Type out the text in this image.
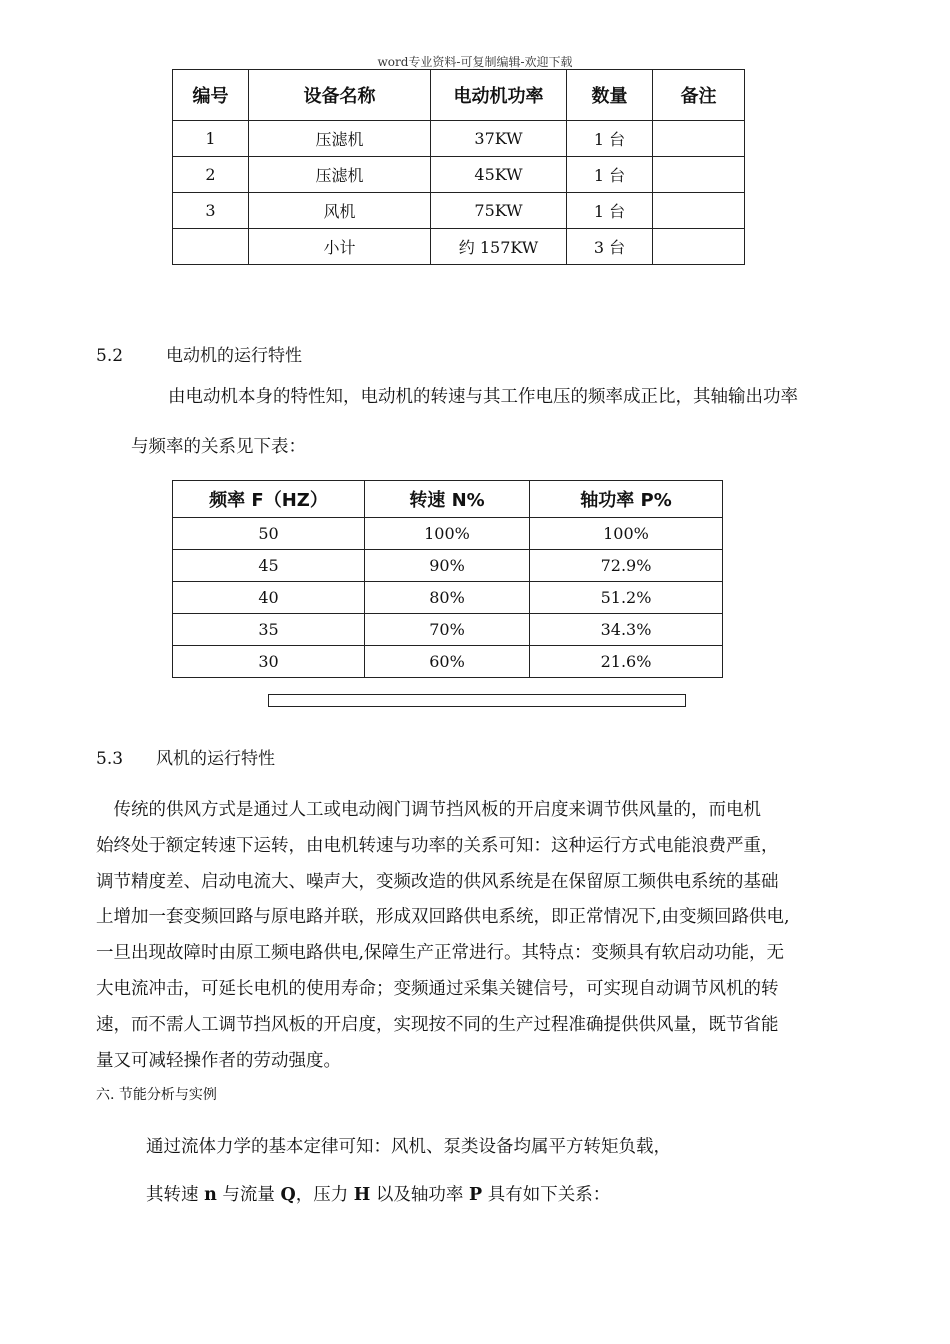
word专业资料-可复制编辑-欢迎下载
编号	设备名称	电动机功率	数量	备注
1	压滤机	37KW	1 台	
2	压滤机	45KW	1 台	
3	风机	75KW	1 台	
	小计	约 157KW	3 台	
5.2	电动机的运行特性
由电动机本身的特性知，电动机的转速与其工作电压的频率成正比，其轴输出功率
与频率的关系见下表：
频率 F（HZ）	转速 N%	轴功率 P%
50	100%	100%
45	90%	72.9%
40	80%	51.2%
35	70%	34.3%
30	60%	21.6%
5.3 风机的运行特性
　传统的供风方式是通过人工或电动阀门调节挡风板的开启度来调节供风量的，而电机
始终处于额定转速下运转，由电机转速与功率的关系可知：这种运行方式电能浪费严重，
调节精度差、启动电流大、噪声大，变频改造的供风系统是在保留原工频供电系统的基础
上增加一套变频回路与原电路并联，形成双回路供电系统，即正常情况下,由变频回路供电,
一旦出现故障时由原工频电路供电,保障生产正常进行。其特点：变频具有软启动功能，无
大电流冲击，可延长电机的使用寿命；变频通过采集关键信号，可实现自动调节风机的转
速，而不需人工调节挡风板的开启度，实现按不同的生产过程准确提供供风量，既节省能
量又可减轻操作者的劳动强度。
六. 节能分析与实例
通过流体力学的基本定律可知：风机、泵类设备均属平方转矩负载，
其转速 n 与流量 Q，压力 H 以及轴功率 P 具有如下关系：
